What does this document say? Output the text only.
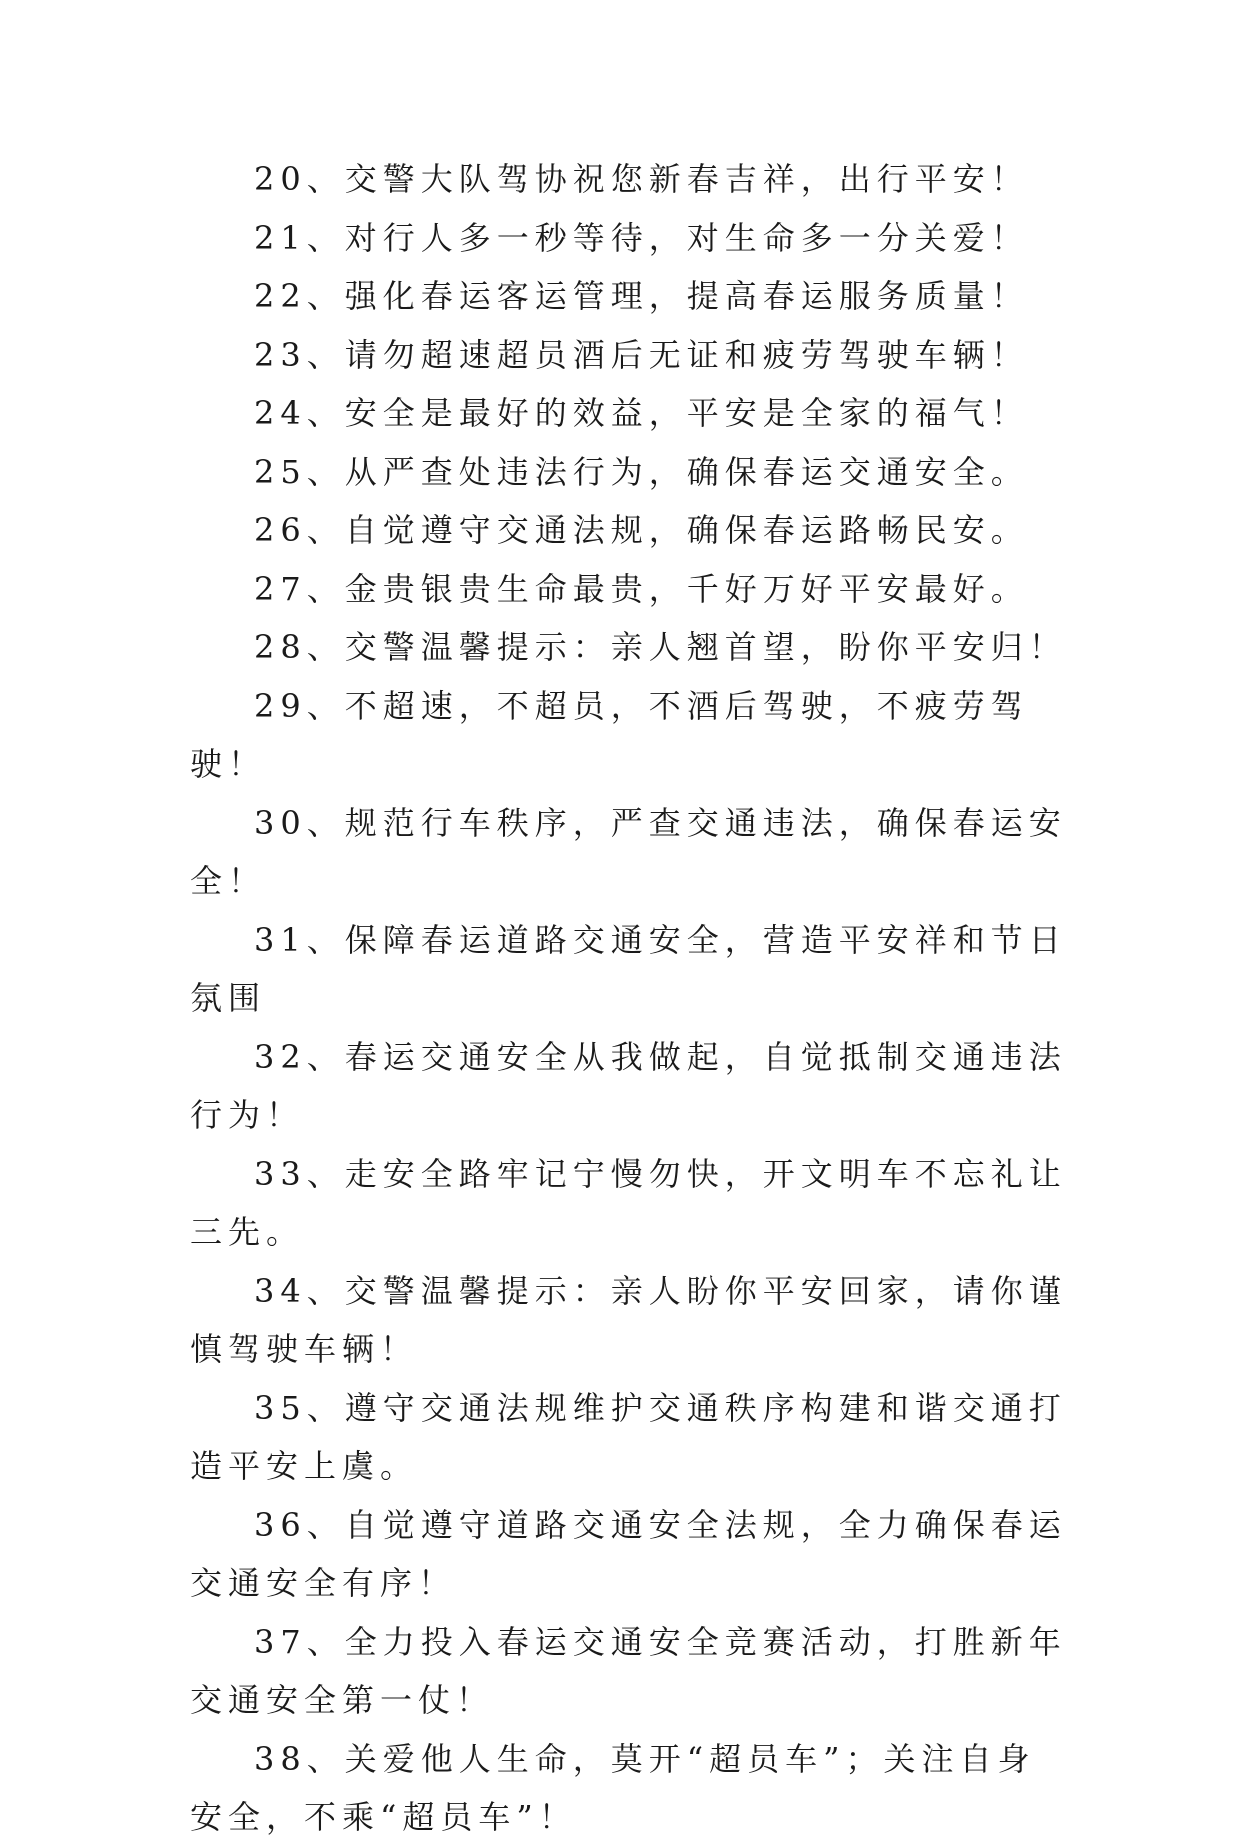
20、交警大队驾协祝您新春吉祥，出行平安！

21、对行人多一秒等待，对生命多一分关爱！

22、强化春运客运管理，提高春运服务质量！

23、请勿超速超员酒后无证和疲劳驾驶车辆！

24、安全是最好的效益，平安是全家的福气！

25、从严查处违法行为，确保春运交通安全。

26、自觉遵守交通法规，确保春运路畅民安。

27、金贵银贵生命最贵，千好万好平安最好。

28、交警温馨提示：亲人翘首望，盼你平安归！

29、不超速，不超员，不酒后驾驶，不疲劳驾驶！

30、规范行车秩序，严查交通违法，确保春运安全！

31、保障春运道路交通安全，营造平安祥和节日氛围

32、春运交通安全从我做起，自觉抵制交通违法行为！

33、走安全路牢记宁慢勿快，开文明车不忘礼让三先。

34、交警温馨提示：亲人盼你平安回家，请你谨慎驾驶车辆！

35、遵守交通法规维护交通秩序构建和谐交通打造平安上虞。

36、自觉遵守道路交通安全法规，全力确保春运交通安全有序！

37、全力投入春运交通安全竞赛活动，打胜新年交通安全第一仗！

38、关爱他人生命，莫开“超员车”；关注自身安全，不乘“超员车”！
